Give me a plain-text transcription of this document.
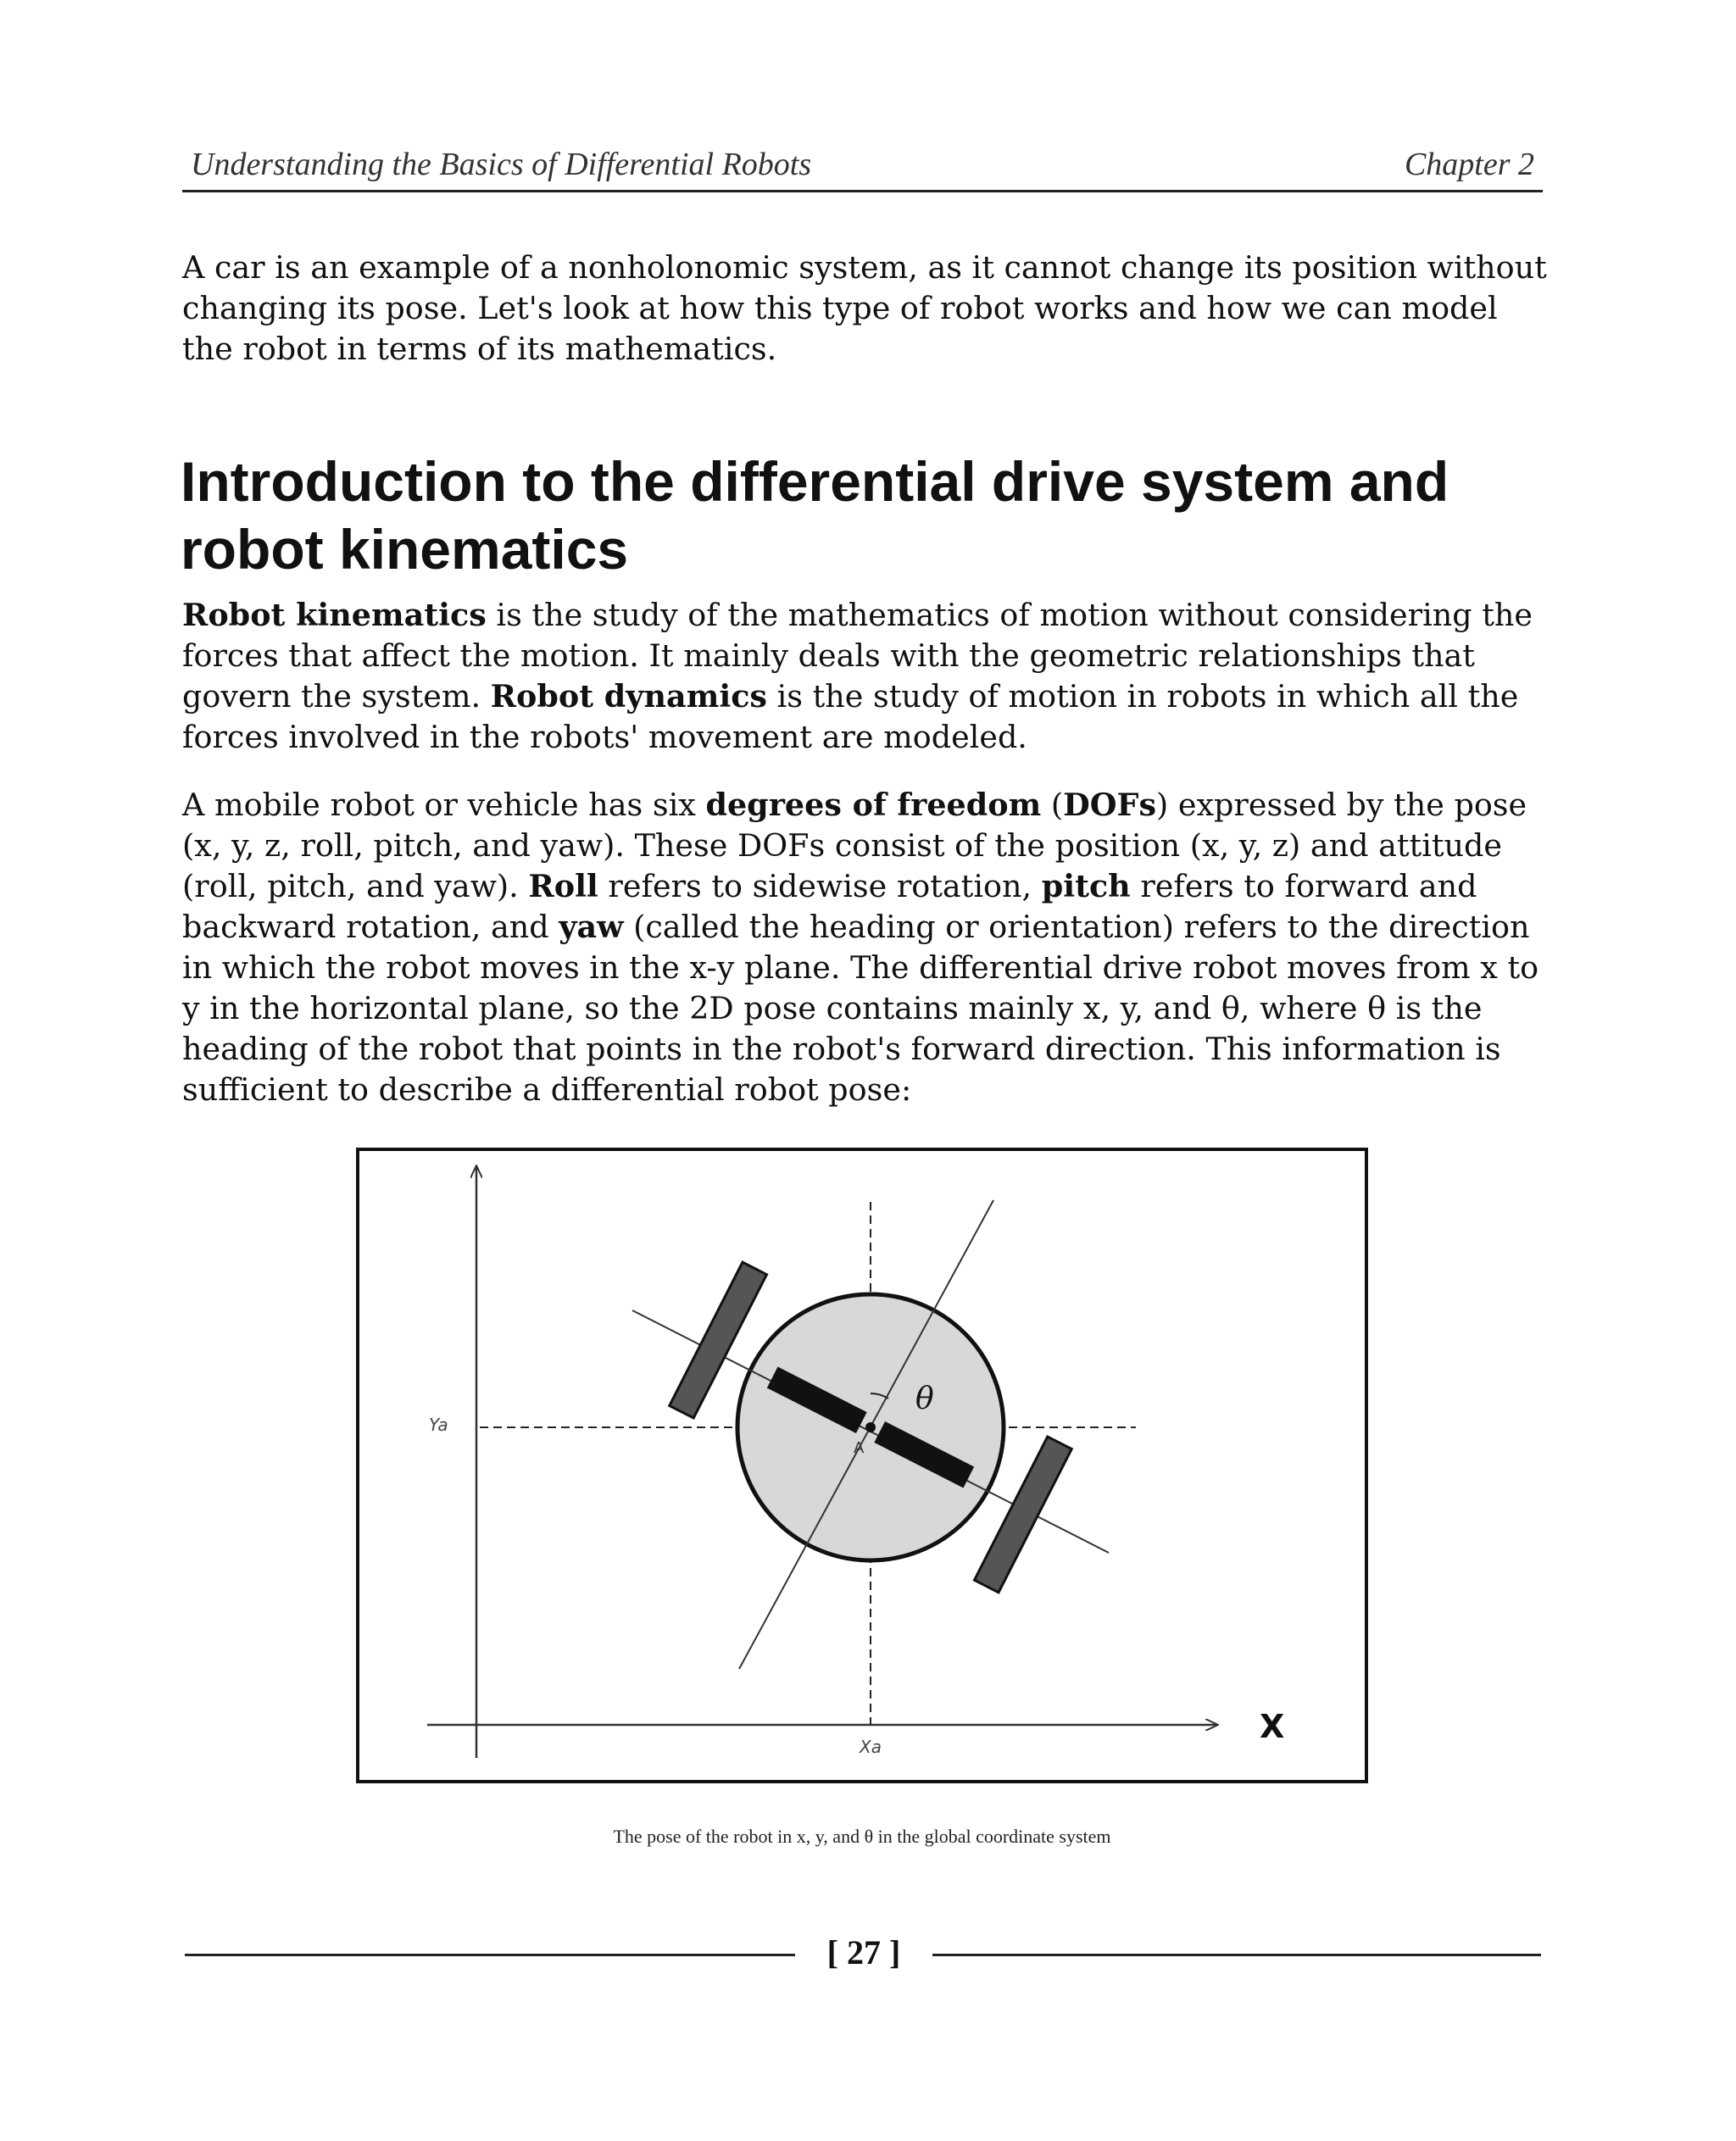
Understanding the Basics of Differential Robots	Chapter 2

A car is an example of a nonholonomic system, as it cannot change its position without changing its pose. Let's look at how this type of robot works and how we can model the robot in terms of its mathematics.

Introduction to the differential drive system and robot kinematics

Robot kinematics is the study of the mathematics of motion without considering the forces that affect the motion. It mainly deals with the geometric relationships that govern the system. Robot dynamics is the study of motion in robots in which all the forces involved in the robots' movement are modeled.

A mobile robot or vehicle has six degrees of freedom (DOFs) expressed by the pose (x, y, z, roll, pitch, and yaw). These DOFs consist of the position (x, y, z) and attitude (roll, pitch, and yaw). Roll refers to sidewise rotation, pitch refers to forward and backward rotation, and yaw (called the heading or orientation) refers to the direction in which the robot moves in the x-y plane. The differential drive robot moves from x to y in the horizontal plane, so the 2D pose contains mainly x, y, and θ, where θ is the heading of the robot that points in the robot's forward direction. This information is sufficient to describe a differential robot pose:

Ya
Xa
X
A
θ
The pose of the robot in x, y, and θ in the global coordinate system
[ 27 ]
